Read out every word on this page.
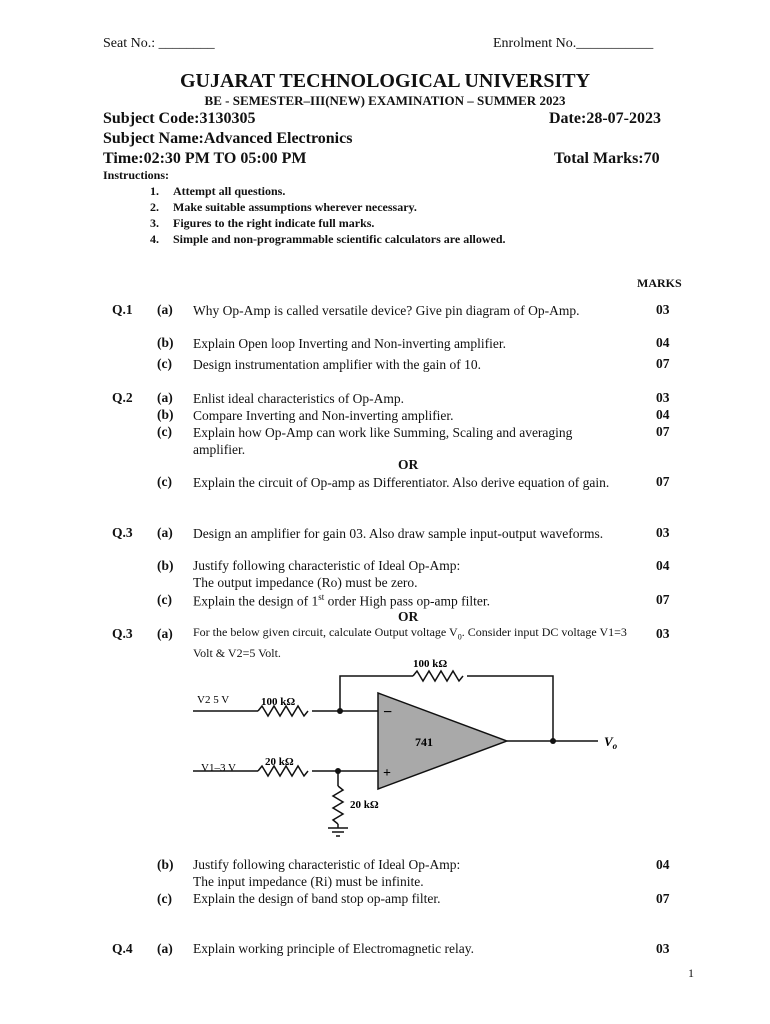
Seat No.: ________	Enrolment No.___________
GUJARAT TECHNOLOGICAL UNIVERSITY
BE - SEMESTER–III(NEW) EXAMINATION – SUMMER 2023
Subject Code:3130305	Date:28-07-2023
Subject Name:Advanced Electronics
Time:02:30 PM TO 05:00 PM	Total Marks:70
Instructions:
1. Attempt all questions.
2. Make suitable assumptions wherever necessary.
3. Figures to the right indicate full marks.
4. Simple and non-programmable scientific calculators are allowed.
MARKS
Q.1 (a) Why Op-Amp is called versatile device? Give pin diagram of Op-Amp.	03
(b) Explain Open loop Inverting and Non-inverting amplifier.	04
(c) Design instrumentation amplifier with the gain of 10.	07
Q.2 (a) Enlist ideal characteristics of Op-Amp.	03
(b) Compare Inverting and Non-inverting amplifier.	04
(c) Explain how Op-Amp can work like Summing, Scaling and averaging amplifier.
07
OR
(c) Explain the circuit of Op-amp as Differentiator. Also derive equation of gain.	07
Q.3 (a) Design an amplifier for gain 03. Also draw sample input-output waveforms.	03
(b) Justify following characteristic of Ideal Op-Amp:
The output impedance (Ro) must be zero.
04
(c) Explain the design of 1st order High pass op-amp filter.	07
OR
Q.3 (a) For the below given circuit, calculate Output voltage $V_0$. Consider input DC voltage V1=3 Volt & V2=5 Volt.
03
100 kΩ
V2 5 V	100 kΩ
V1–3 V	20 kΩ
20 kΩ
741
−
+
$V_o$
(b) Justify following characteristic of Ideal Op-Amp:
The input impedance (Ri) must be infinite.
04
(c) Explain the design of band stop op-amp filter.	07
Q.4 (a) Explain working principle of Electromagnetic relay.	03
1
